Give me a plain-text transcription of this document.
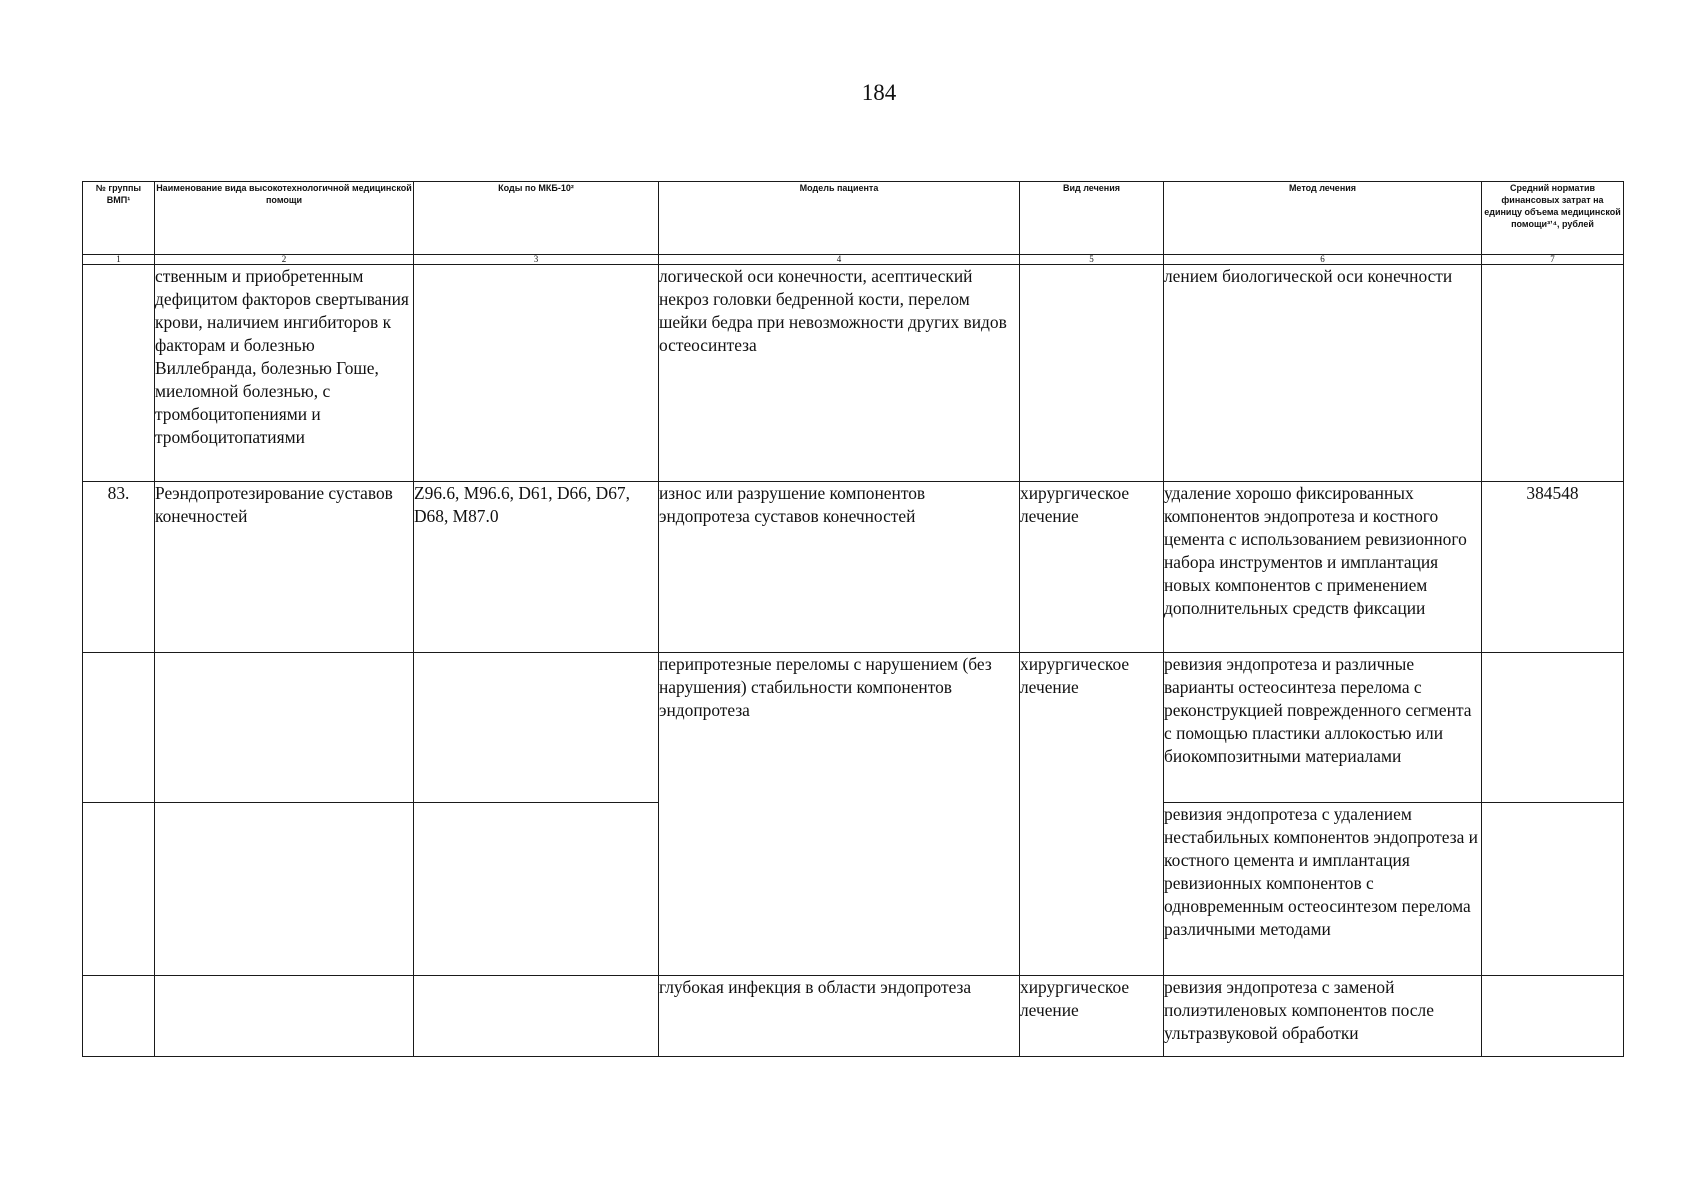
184
№ группы ВМП¹	Наименование вида высокотехнологичной медицинской помощи	Коды по МКБ-10²	Модель пациента	Вид лечения	Метод лечения	Средний норматив финансовых затрат на единицу объема медицинской помощи³ʼ⁴, рублей
1	2	3	4	5	6	7
	ственным и приобретенным дефицитом факторов свертывания крови, наличием ингибиторов к факторам и болезнью Виллебранда, болезнью Гоше, миеломной болезнью, с тромбоцитопениями и тромбоцитопатиями		логической оси конечности, асептический некроз головки бедренной кости, перелом шейки бедра при невозможности других видов остеосинтеза		лением биологической оси конечности	
83.	Реэндопротезирование суставов конечностей	Z96.6, M96.6, D61, D66, D67, D68, M87.0	износ или разрушение компонентов эндопротеза суставов конечностей	хирургическое лечение	удаление хорошо фиксированных компонентов эндопротеза и костного цемента с использованием ревизионного набора инструментов и имплантация новых компонентов с применением дополнительных средств фиксации	384548
			перипротезные переломы с нарушением (без нарушения) стабильности компонентов эндопротеза	хирургическое лечение	ревизия эндопротеза и различные варианты остеосинтеза перелома с реконструкцией поврежденного сегмента с помощью пластики аллокостью или биокомпозитными материалами	
					ревизия эндопротеза с удалением нестабильных компонентов эндопротеза и костного цемента и имплантация ревизионных компонентов с одновременным остеосинтезом перелома различными методами	
			глубокая инфекция в области эндопротеза	хирургическое лечение	ревизия эндопротеза с заменой полиэтиленовых компонентов после ультразвуковой обработки	
